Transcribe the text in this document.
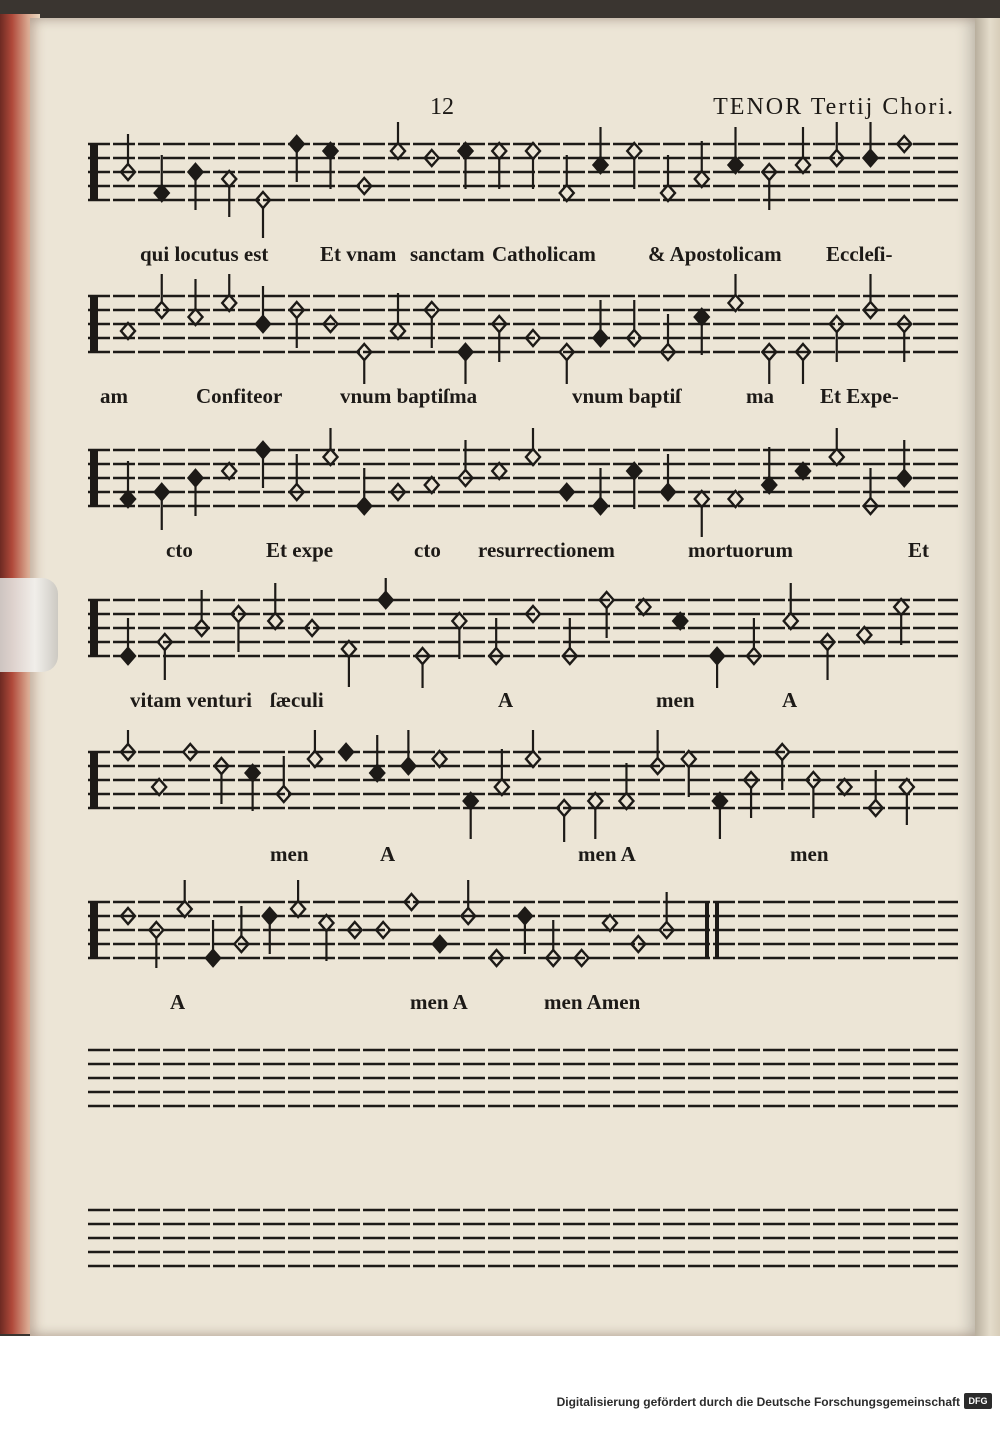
12	TENOR Tertij Chori.
qui locutus est Et vnam sanctam Catholicam & Apostolicam Eccleſi-
am	Confiteor	vnum baptiſma	vnum baptiſ	ma Et Expe-
cto	Et expe	cto resurrectionem	mortuorum	Et
vitam venturi ſæculi	A	men	A
men	A	men A	men
A	men A	men Amen
Digitalisierung gefördert durch die Deutsche Forschungsgemeinschaft DFG
